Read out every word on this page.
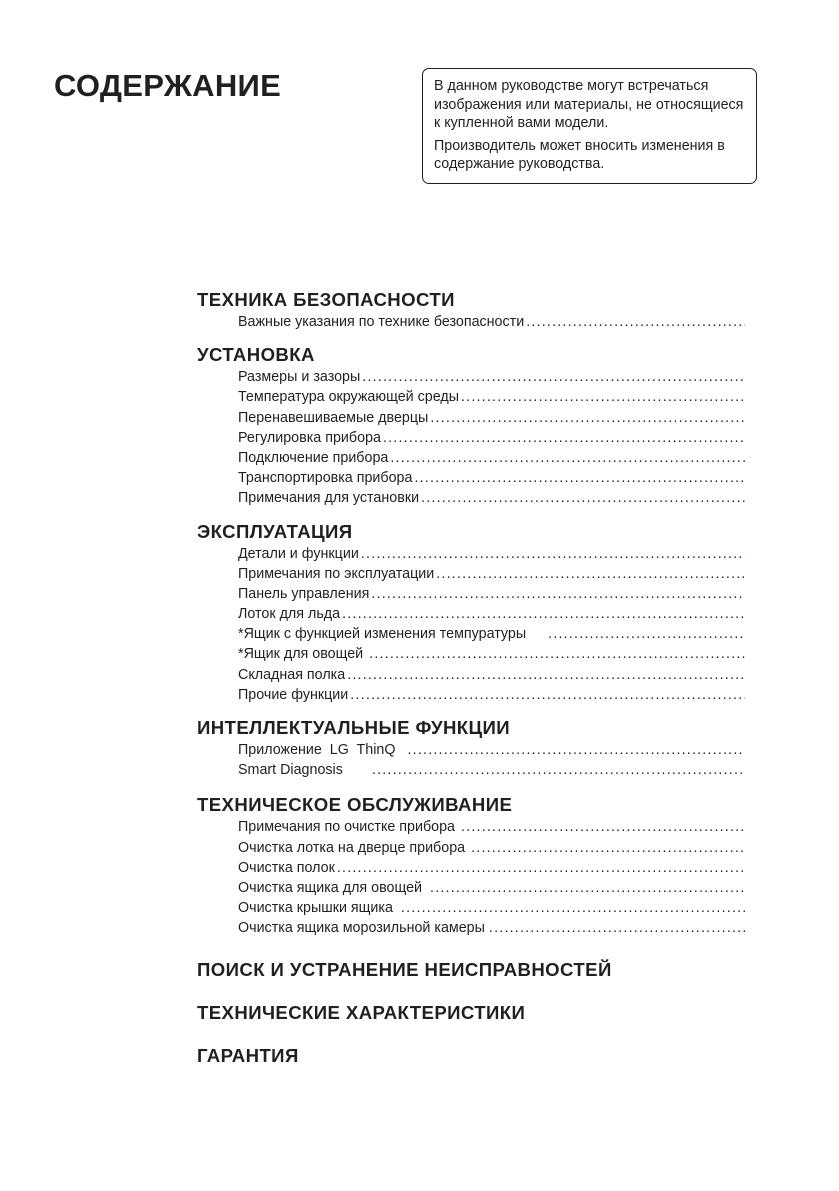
СОДЕРЖАНИЕ	В данном руководстве могут встречаться изображения или материалы, не относящиеся к купленной вами модели.

Производитель может вносить изменения в содержание руководства.

ТЕХНИКА БЕЗОПАСНОСТИ
Важные указания по технике безопасности
.....
УСТАНОВКА
Размеры и зазоры
.....
Температура окружающей среды
.....
Перенавешиваемые дверцы
.....
Регулировка прибора
.....
Подключение прибора
.....
Транспортировка прибора
.....
Примечания для установки
.....
ЭКСПЛУАТАЦИЯ
Детали и функции
.....
Примечания по эксплуатации
.....
Панель управления
.....
Лоток для льда
.....
*Ящик с функцией изменения темпуратуры
.....
*Ящик для овощей
.....
Складная полка
.....
Прочие функции
.....
ИНТЕЛЛЕКТУАЛЬНЫЕ ФУНКЦИИ
Приложение  LG  ThinQ
.....
Smart Diagnosis
.....
ТЕХНИЧЕСКОЕ ОБСЛУЖИВАНИЕ
Примечания по очистке прибора
.....
Очистка лотка на дверце прибора
.....
Очистка полок
.....
Очистка ящика для овощей
.....
Очистка крышки ящика
.....
Очистка ящика морозильной камеры
.....
ПОИСК И УСТРАНЕНИЕ НЕИСПРАВНОСТЕЙ
ТЕХНИЧЕСКИЕ ХАРАКТЕРИСТИКИ
ГАРАНТИЯ
